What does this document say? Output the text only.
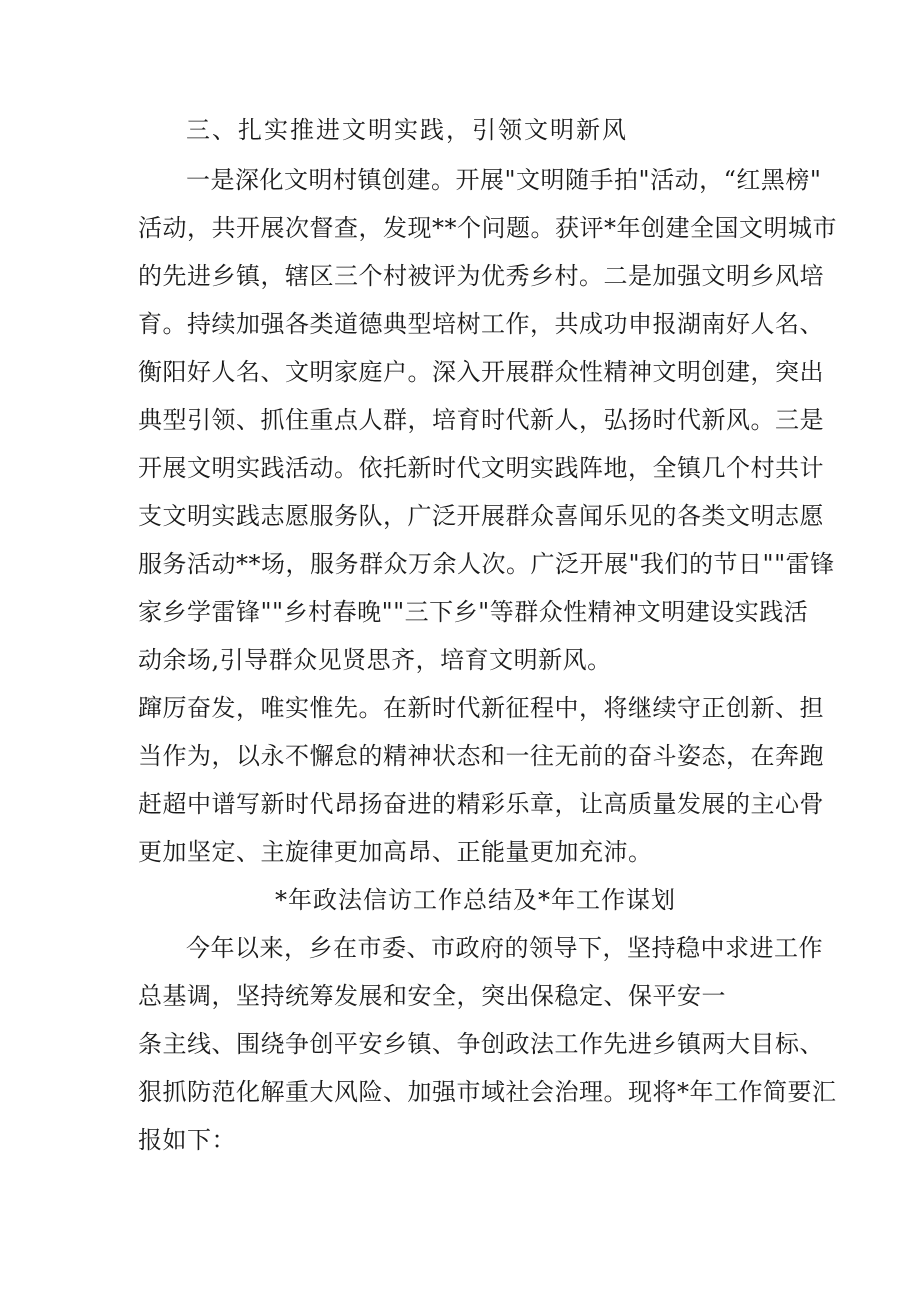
三、扎实推进文明实践，引领文明新风
一是深化文明村镇创建。开展"文明随手拍"活动，“红黑榜"
活动，共开展次督查，发现**个问题。获评*年创建全国文明城市
的先进乡镇，辖区三个村被评为优秀乡村。二是加强文明乡风培
育。持续加强各类道德典型培树工作，共成功申报湖南好人名、
衡阳好人名、文明家庭户。深入开展群众性精神文明创建，突出
典型引领、抓住重点人群，培育时代新人，弘扬时代新风。三是
开展文明实践活动。依托新时代文明实践阵地，全镇几个村共计
支文明实践志愿服务队，广泛开展群众喜闻乐见的各类文明志愿
服务活动**场，服务群众万余人次。广泛开展"我们的节日""雷锋
家乡学雷锋""乡村春晚""三下乡"等群众性精神文明建设实践活
动余场,引导群众见贤思齐，培育文明新风。
蹿厉奋发，唯实惟先。在新时代新征程中，将继续守正创新、担
当作为，以永不懈怠的精神状态和一往无前的奋斗姿态，在奔跑
赶超中谱写新时代昂扬奋进的精彩乐章，让高质量发展的主心骨
更加坚定、主旋律更加高昂、正能量更加充沛。
*年政法信访工作总结及*年工作谋划
今年以来，乡在市委、市政府的领导下，坚持稳中求进工作
总基调，坚持统筹发展和安全，突出保稳定、保平安一
条主线、围绕争创平安乡镇、争创政法工作先进乡镇两大目标、
狠抓防范化解重大风险、加强市域社会治理。现将*年工作简要汇
报如下：
